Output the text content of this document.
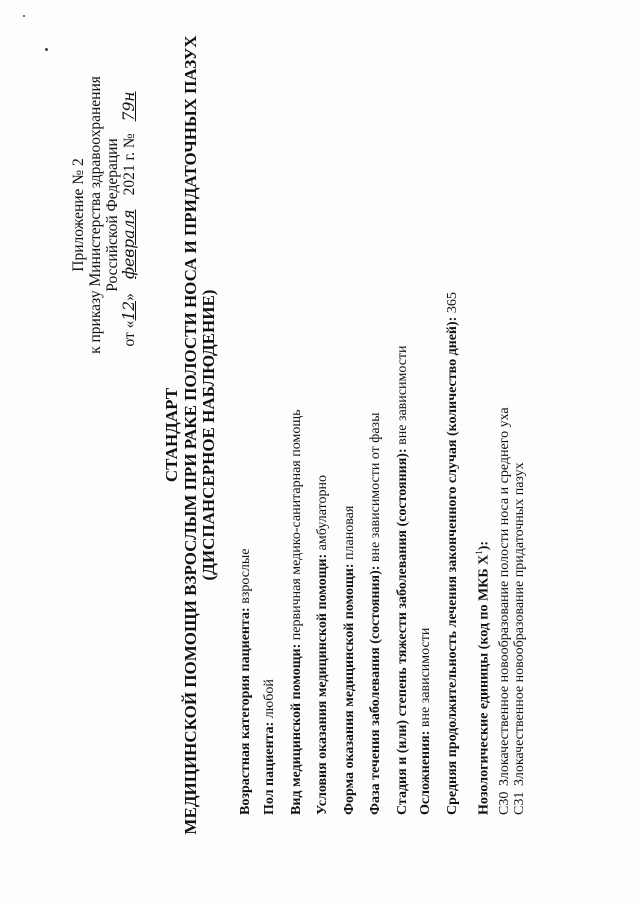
Приложение № 2 к приказу Министерства здравоохранения Российской Федерации
от «12» февраля 2021 г. № 79н
СТАНДАРТ МЕДИЦИНСКОЙ ПОМОЩИ ВЗРОСЛЫМ ПРИ РАКЕ ПОЛОСТИ НОСА И ПРИДАТОЧНЫХ ПАЗУХ (ДИСПАНСЕРНОЕ НАБЛЮДЕНИЕ)
Возрастная категория пациента: взрослые
Пол пациента: любой Вид медицинской помощи: первичная медико-санитарная помощь
Условия оказания медицинской помощи: амбулаторно
Форма оказания медицинской помощи: плановая
Фаза течения заболевания (состояния): вне зависимости от фазы Стадия и (или) степень тяжести заболевания (состояния): вне зависимости
Осложнения: вне зависимости Средняя продолжительность лечения законченного случая (количество дней): 365
Нозологические единицы (код по МКБ $X^1$):
C30  Злокачественное новообразование полости носа и среднего уха
C31  Злокачественное новообразование придаточных пазух
